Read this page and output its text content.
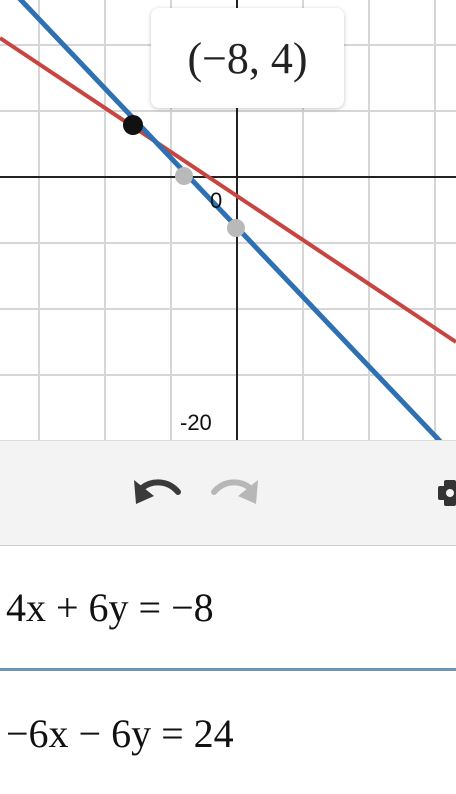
0
-20
(−8, 4)
4x + 6y = −8
−6x − 6y = 24
